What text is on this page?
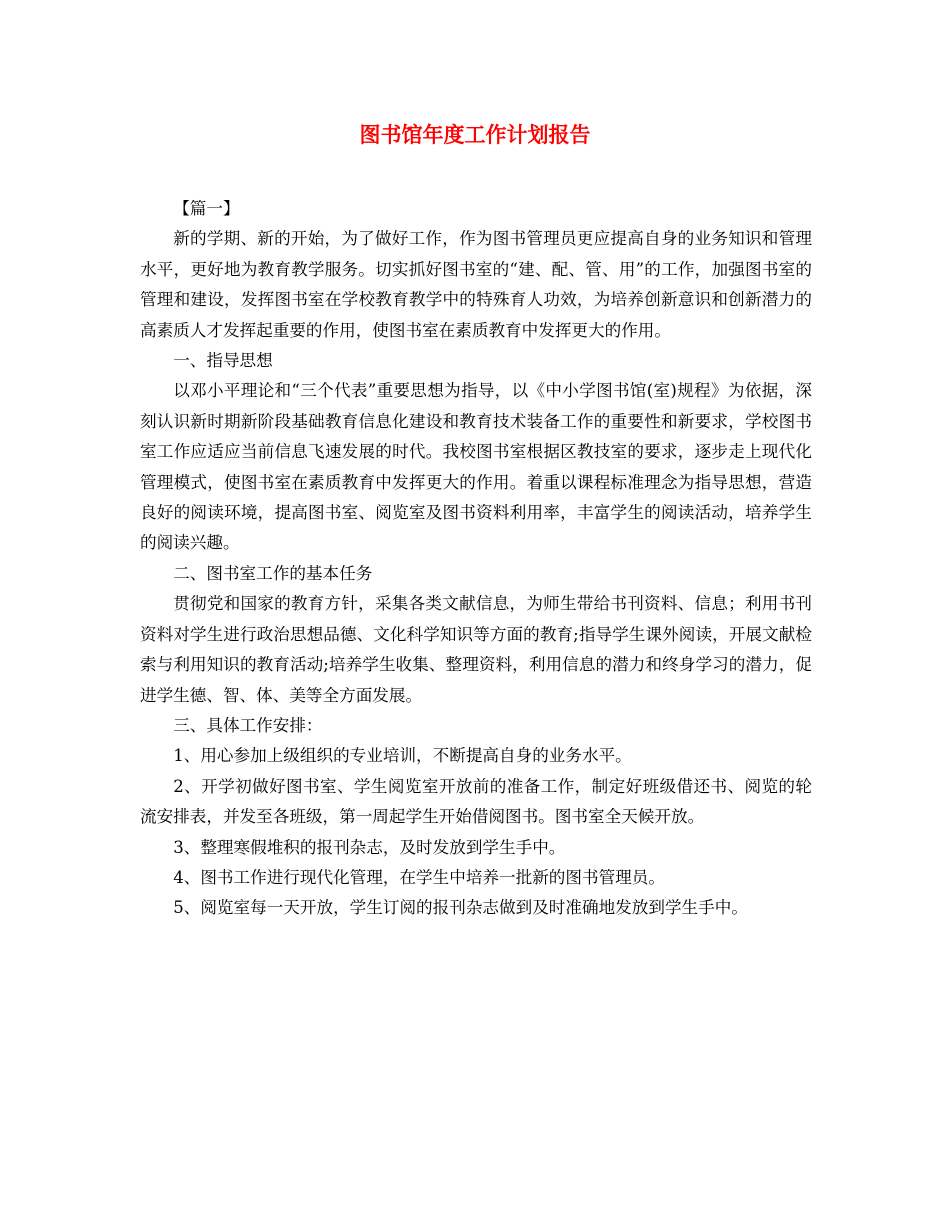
图书馆年度工作计划报告

【篇一】

新的学期、新的开始，为了做好工作，作为图书管理员更应提高自身的业务知识和管理水平，更好地为教育教学服务。切实抓好图书室的“建、配、管、用”的工作，加强图书室的管理和建设，发挥图书室在学校教育教学中的特殊育人功效，为培养创新意识和创新潜力的高素质人才发挥起重要的作用，使图书室在素质教育中发挥更大的作用。

一、指导思想

以邓小平理论和“三个代表”重要思想为指导，以《中小学图书馆(室)规程》为依据，深刻认识新时期新阶段基础教育信息化建设和教育技术装备工作的重要性和新要求，学校图书室工作应适应当前信息飞速发展的时代。我校图书室根据区教技室的要求，逐步走上现代化管理模式，使图书室在素质教育中发挥更大的作用。着重以课程标准理念为指导思想，营造良好的阅读环境，提高图书室、阅览室及图书资料利用率，丰富学生的阅读活动，培养学生的阅读兴趣。

二、图书室工作的基本任务

贯彻党和国家的教育方针，采集各类文献信息，为师生带给书刊资料、信息；利用书刊资料对学生进行政治思想品德、文化科学知识等方面的教育;指导学生课外阅读，开展文献检索与利用知识的教育活动;培养学生收集、整理资料，利用信息的潜力和终身学习的潜力，促进学生德、智、体、美等全方面发展。

三、具体工作安排：

1、用心参加上级组织的专业培训，不断提高自身的业务水平。

2、开学初做好图书室、学生阅览室开放前的准备工作，制定好班级借还书、阅览的轮流安排表，并发至各班级，第一周起学生开始借阅图书。图书室全天候开放。

3、整理寒假堆积的报刊杂志，及时发放到学生手中。

4、图书工作进行现代化管理，在学生中培养一批新的图书管理员。

5、阅览室每一天开放，学生订阅的报刊杂志做到及时准确地发放到学生手中。
